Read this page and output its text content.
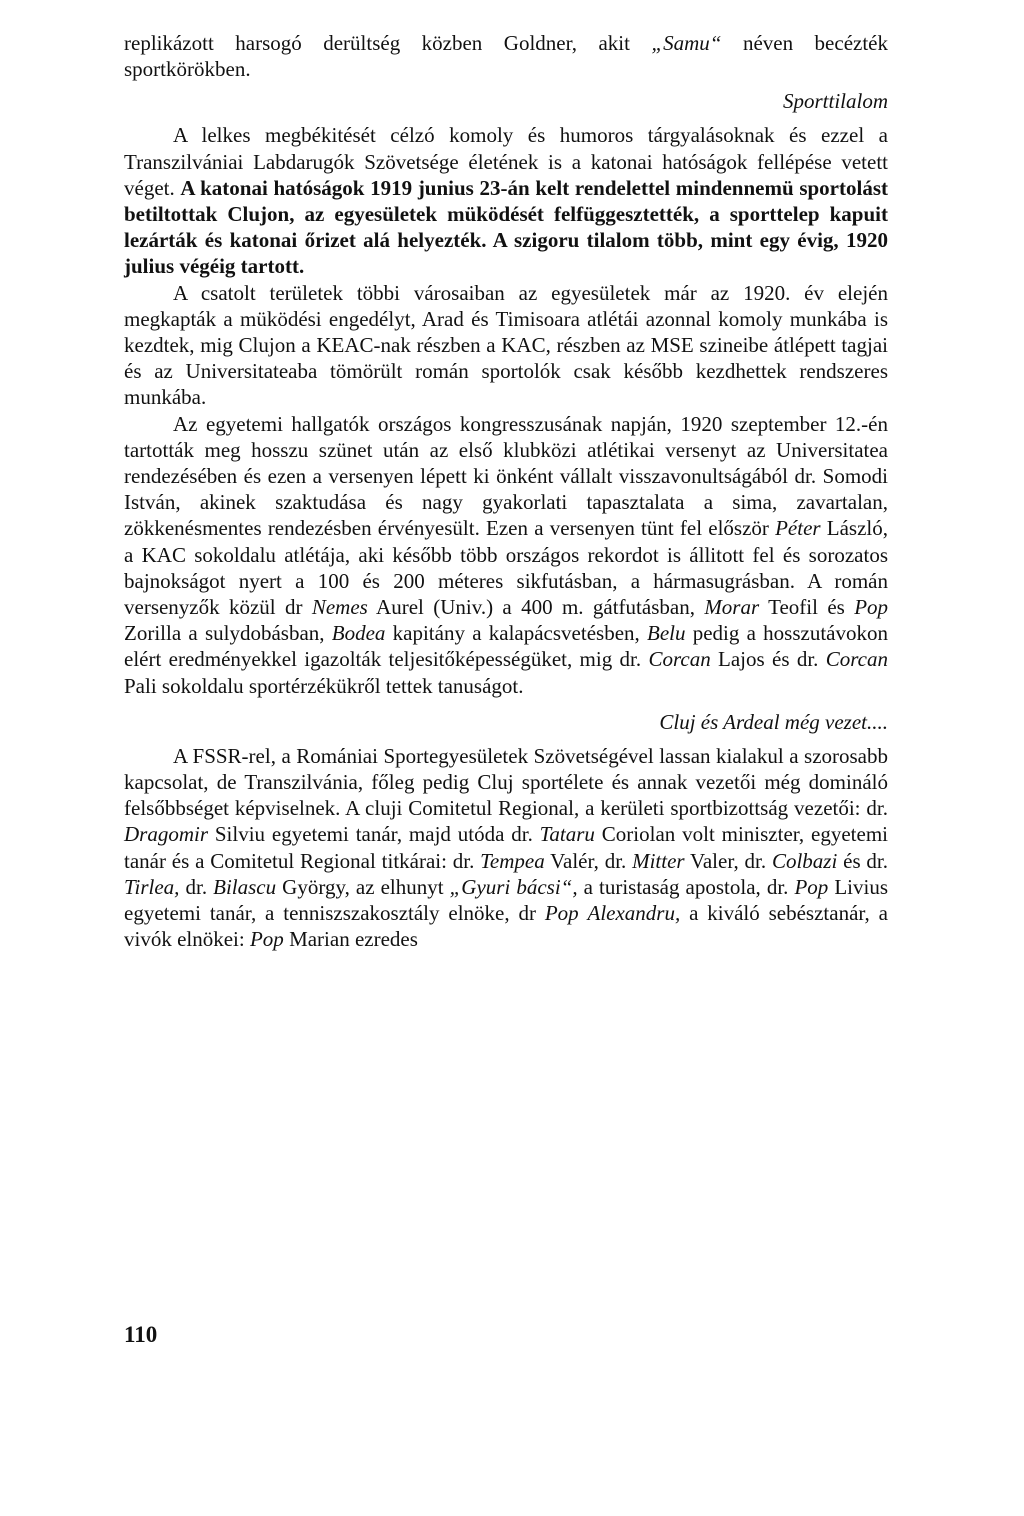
replikázott harsogó derültség közben Goldner, akit „Samu“ néven becézték sportkörökben.

Sporttilalom

A lelkes megbékitését célzó komoly és humoros tárgyalásoknak és ezzel a Transzilvániai Labdarugók Szövetsége életének is a katonai hatóságok fellépése vetett véget. A katonai hatóságok 1919 junius 23-án kelt rendelettel mindennemü sportolást betiltottak Clujon, az egyesületek müködését felfüggesztették, a sporttelep kapuit lezárták és katonai őrizet alá helyezték. A szigoru tilalom több, mint egy évig, 1920 julius végéig tartott.

A csatolt területek többi városaiban az egyesületek már az 1920. év elején megkapták a müködési engedélyt, Arad és Timisoara atlétái azonnal komoly munkába is kezdtek, mig Clujon a KEAC-nak részben a KAC, részben az MSE szineibe átlépett tagjai és az Universitateaba tömörült román sportolók csak később kezdhettek rendszeres munkába.

Az egyetemi hallgatók országos kongresszusának napján, 1920 szeptember 12.-én tartották meg hosszu szünet után az első klubközi atlétikai versenyt az Universitatea rendezésében és ezen a versenyen lépett ki önként vállalt visszavonultságából dr. Somodi István, akinek szaktudása és nagy gyakorlati tapasztalata a sima, zavartalan, zökkenésmentes rendezésben érvényesült. Ezen a versenyen tünt fel először Péter László, a KAC sokoldalu atlétája, aki később több országos rekordot is állitott fel és sorozatos bajnokságot nyert a 100 és 200 méteres sikfutásban, a hármasugrásban. A román versenyzők közül dr Nemes Aurel (Univ.) a 400 m. gátfutásban, Morar Teofil és Pop Zorilla a sulydobásban, Bodea kapitány a kalapácsvetésben, Belu pedig a hosszutávokon elért eredményekkel igazolták teljesitőképességüket, mig dr. Corcan Lajos és dr. Corcan Pali sokoldalu sportérzékükről tettek tanuságot.

Cluj és Ardeal még vezet....

A FSSR-rel, a Romániai Sportegyesületek Szövetségével lassan kialakul a szorosabb kapcsolat, de Transzilvánia, főleg pedig Cluj sportélete és annak vezetői még domináló felsőbbséget képviselnek. A cluji Comitetul Regional, a kerületi sportbizottság vezetői: dr. Dragomir Silviu egyetemi tanár, majd utóda dr. Tataru Coriolan volt miniszter, egyetemi tanár és a Comitetul Regional titkárai: dr. Tempea Valér, dr. Mitter Valer, dr. Colbazi és dr. Tirlea, dr. Bilascu György, az elhunyt „Gyuri bácsi“, a turistaság apostola, dr. Pop Livius egyetemi tanár, a tenniszszakosztály elnöke, dr Pop Alexandru, a kiváló sebésztanár, a vivók elnökei: Pop Marian ezredes

110
